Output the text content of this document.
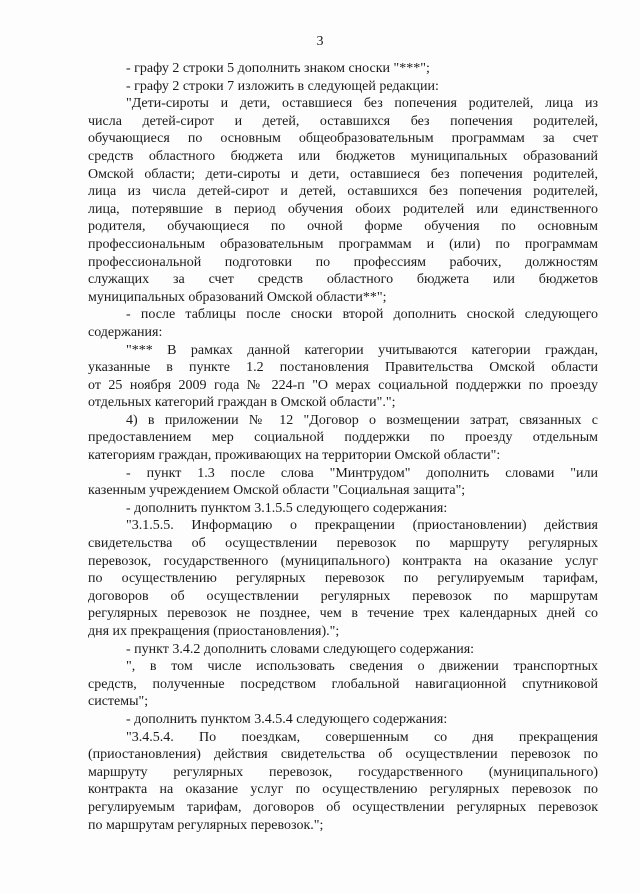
3
- графу 2 строки 5 дополнить знаком сноски "***";
- графу 2 строки 7 изложить в следующей редакции:
"Дети-сироты и дети, оставшиеся без попечения родителей, лица из
числа детей-сирот и детей, оставшихся без попечения родителей,
обучающиеся по основным общеобразовательным программам за счет
средств областного бюджета или бюджетов муниципальных образований
Омской области; дети-сироты и дети, оставшиеся без попечения родителей,
лица из числа детей-сирот и детей, оставшихся без попечения родителей,
лица, потерявшие в период обучения обоих родителей или единственного
родителя, обучающиеся по очной форме обучения по основным
профессиональным образовательным программам и (или) по программам
профессиональной подготовки по профессиям рабочих, должностям
служащих за счет средств областного бюджета или бюджетов
муниципальных образований Омской области**";
- после таблицы после сноски второй дополнить сноской следующего
содержания:
"*** В рамках данной категории учитываются категории граждан,
указанные в пункте 1.2 постановления Правительства Омской области
от 25 ноября 2009 года № 224-п "О мерах социальной поддержки по проезду
отдельных категорий граждан в Омской области".";
4) в приложении № 12 "Договор о возмещении затрат, связанных с
предоставлением мер социальной поддержки по проезду отдельным
категориям граждан, проживающих на территории Омской области":
- пункт 1.3 после слова "Минтрудом" дополнить словами "или
казенным учреждением Омской области "Социальная защита";
- дополнить пунктом 3.1.5.5 следующего содержания:
"3.1.5.5. Информацию о прекращении (приостановлении) действия
свидетельства об осуществлении перевозок по маршруту регулярных
перевозок, государственного (муниципального) контракта на оказание услуг
по осуществлению регулярных перевозок по регулируемым тарифам,
договоров об осуществлении регулярных перевозок по маршрутам
регулярных перевозок не позднее, чем в течение трех календарных дней со
дня их прекращения (приостановления).";
- пункт 3.4.2 дополнить словами следующего содержания:
", в том числе использовать сведения о движении транспортных
средств, полученные посредством глобальной навигационной спутниковой
системы";
- дополнить пунктом 3.4.5.4 следующего содержания:
"3.4.5.4. По поездкам, совершенным со дня прекращения
(приостановления) действия свидетельства об осуществлении перевозок по
маршруту регулярных перевозок, государственного (муниципального)
контракта на оказание услуг по осуществлению регулярных перевозок по
регулируемым тарифам, договоров об осуществлении регулярных перевозок
по маршрутам регулярных перевозок.";
